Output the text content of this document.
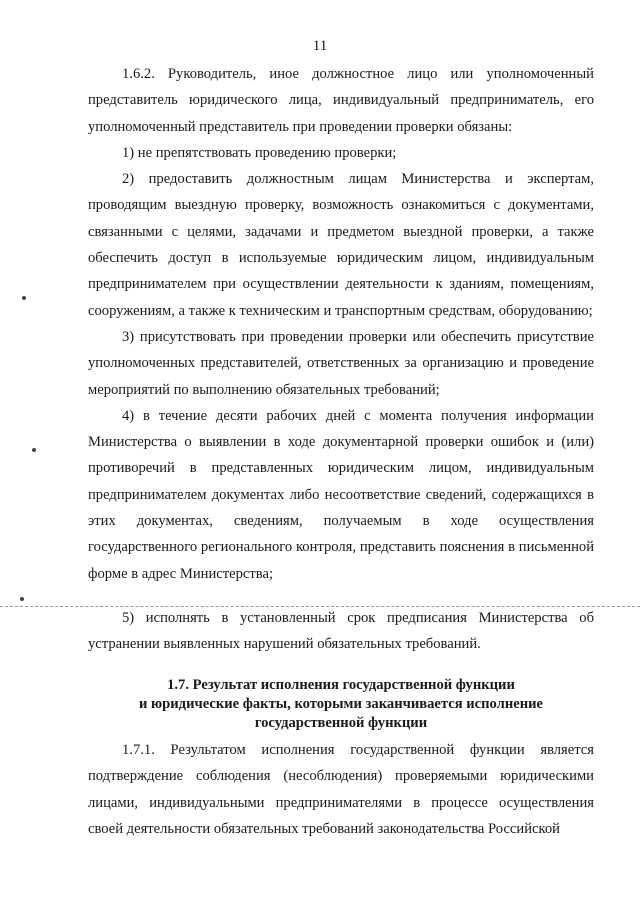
11

1.6.2. Руководитель, иное должностное лицо или уполномоченный представитель юридического лица, индивидуальный предприниматель, его уполномоченный представитель при проведении проверки обязаны:

1) не препятствовать проведению проверки;

2) предоставить должностным лицам Министерства и экспертам, проводящим выездную проверку, возможность ознакомиться с документами, связанными с целями, задачами и предметом выездной проверки, а также обеспечить доступ в используемые юридическим лицом, индивидуальным предпринимателем при осуществлении деятельности к зданиям, помещениям, сооружениям, а также к техническим и транспортным средствам, оборудованию;

3) присутствовать при проведении проверки или обеспечить присутствие уполномоченных представителей, ответственных за организацию и проведение мероприятий по выполнению обязательных требований;

4) в течение десяти рабочих дней с момента получения информации Министерства о выявлении в ходе документарной проверки ошибок и (или) противоречий в представленных юридическим лицом, индивидуальным предпринимателем документах либо несоответствие сведений, содержащихся в этих документах, сведениям, получаемым в ходе осуществления государственного регионального контроля, представить пояснения в письменной форме в адрес Министерства;

5) исполнять в установленный срок предписания Министерства об устранении выявленных нарушений обязательных требований.

1.7. Результат исполнения государственной функции
и юридические факты, которыми заканчивается исполнение
государственной функции

1.7.1. Результатом исполнения государственной функции является подтверждение соблюдения (несоблюдения) проверяемыми юридическими лицами, индивидуальными предпринимателями в процессе осуществления своей деятельности обязательных требований законодательства Российской
